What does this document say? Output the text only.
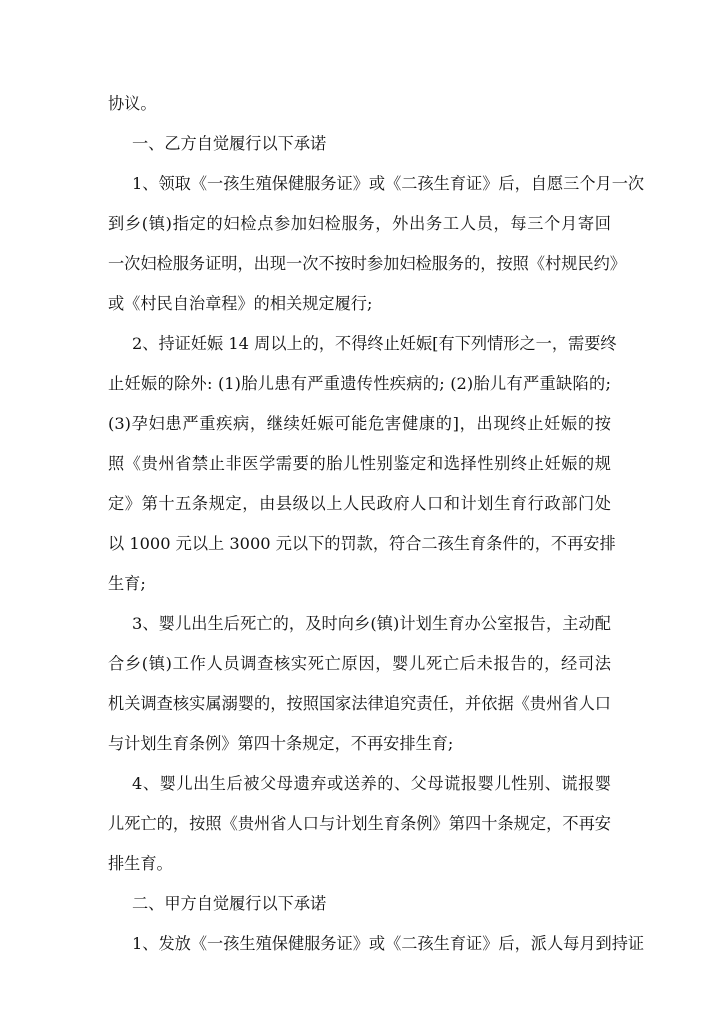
协议。
一、乙方自觉履行以下承诺
1、领取《一孩生殖保健服务证》或《二孩生育证》后，自愿三个月一次
到乡(镇)指定的妇检点参加妇检服务，外出务工人员，每三个月寄回
一次妇检服务证明，出现一次不按时参加妇检服务的，按照《村规民约》
或《村民自治章程》的相关规定履行;
2、持证妊娠 14 周以上的，不得终止妊娠[有下列情形之一，需要终
止妊娠的除外: (1)胎儿患有严重遗传性疾病的; (2)胎儿有严重缺陷的;
(3)孕妇患严重疾病，继续妊娠可能危害健康的]，出现终止妊娠的按
照《贵州省禁止非医学需要的胎儿性别鉴定和选择性别终止妊娠的规
定》第十五条规定，由县级以上人民政府人口和计划生育行政部门处
以 1000 元以上 3000 元以下的罚款，符合二孩生育条件的，不再安排
生育;
3、婴儿出生后死亡的，及时向乡(镇)计划生育办公室报告，主动配
合乡(镇)工作人员调查核实死亡原因，婴儿死亡后未报告的，经司法
机关调查核实属溺婴的，按照国家法律追究责任，并依据《贵州省人口
与计划生育条例》第四十条规定，不再安排生育;
4、婴儿出生后被父母遗弃或送养的、父母谎报婴儿性别、谎报婴
儿死亡的，按照《贵州省人口与计划生育条例》第四十条规定，不再安
排生育。
二、甲方自觉履行以下承诺
1、发放《一孩生殖保健服务证》或《二孩生育证》后，派人每月到持证
